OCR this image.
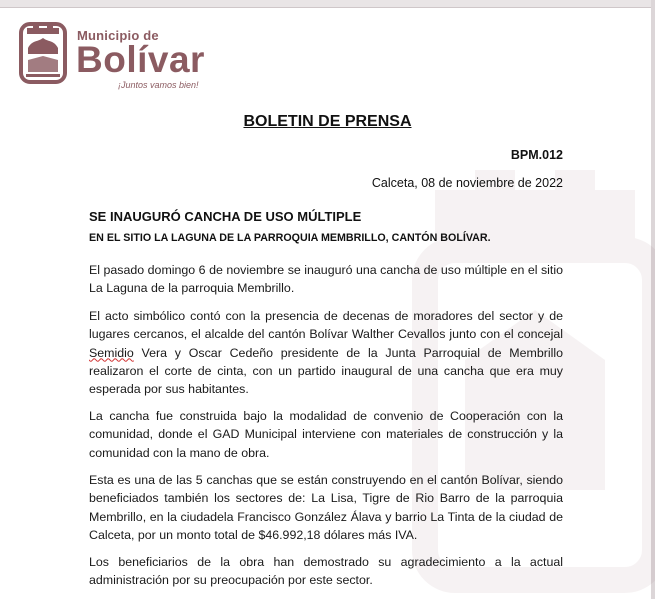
Municipio de
Bolívar
¡Juntos vamos bien!
BOLETIN DE PRENSA
BPM.012
Calceta, 08 de noviembre de 2022
SE INAUGURÓ CANCHA DE USO MÚLTIPLE
EN EL SITIO LA LAGUNA DE LA PARROQUIA MEMBRILLO, CANTÓN BOLÍVAR.

El pasado domingo 6 de noviembre se inauguró una cancha de uso múltiple en el sitio La Laguna de la parroquia Membrillo.

El acto simbólico contó con la presencia de decenas de moradores del sector y de lugares cercanos, el alcalde del cantón Bolívar Walther Cevallos junto con el concejal Semidio Vera y Oscar Cedeño presidente de la Junta Parroquial de Membrillo realizaron el corte de cinta, con un partido inaugural de una cancha que era muy esperada por sus habitantes.

La cancha fue construida bajo la modalidad de convenio de Cooperación con la comunidad, donde el GAD Municipal interviene con materiales de construcción y la comunidad con la mano de obra.

Esta es una de las 5 canchas que se están construyendo en el cantón Bolívar, siendo beneficiados también los sectores de: La Lisa, Tigre de Rio Barro de la parroquia Membrillo, en la ciudadela Francisco González Álava y barrio La Tinta de la ciudad de Calceta, por un monto total de $46.992,18 dólares más IVA.

Los beneficiarios de la obra han demostrado su agradecimiento a la actual administración por su preocupación por este sector.
